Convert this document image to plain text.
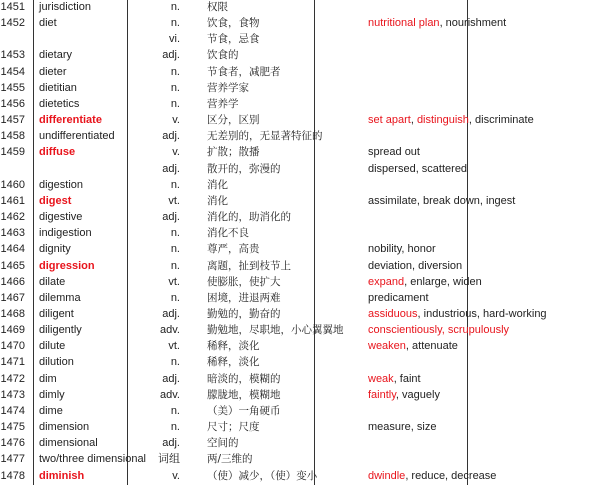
1451 jurisdiction	n.	权限
1452 diet	n.	饮食，食物	nutritional plan, nourishment
vi.	节食，忌食
1453 dietary	adj.	饮食的
1454 dieter	n.	节食者，减肥者
1455 dietitian	n.	营养学家
1456 dietetics	n.	营养学
1457 differentiate	v.	区分，区别	set apart, distinguish, discriminate
1458 undifferentiated	adj.	无差别的，无显著特征的
1459 diffuse	v.	扩散；散播	spread out
adj.	散开的，弥漫的	dispersed, scattered
1460 digestion	n.	消化
1461 digest	vt.	消化	assimilate, break down, ingest
1462 digestive	adj.	消化的，助消化的
1463 indigestion	n.	消化不良
1464 dignity	n.	尊严，高贵	nobility, honor
1465 digression	n.	离题，扯到枝节上	deviation, diversion
1466 dilate	vt.	使膨胀，使扩大	expand, enlarge, widen
1467 dilemma	n.	困境，进退两难	predicament
1468 diligent	adj.	勤勉的，勤奋的	assiduous, industrious, hard-working
1469 diligently	adv.	勤勉地，尽职地，小心翼翼地 conscientiously, scrupulously
1470 dilute	vt.	稀释，淡化	weaken, attenuate
1471 dilution	n.	稀释，淡化
1472 dim	adj.	暗淡的，模糊的	weak, faint
1473 dimly	adv.	朦胧地，模糊地	faintly, vaguely
1474 dime	n.	（美）一角硬币
1475 dimension	n.	尺寸；尺度	measure, size
1476 dimensional	adj.	空间的
1477 two/three dimensional	词组	两/三维的
1478 diminish	v.	（使）减少，（使）变小	dwindle, reduce, decrease
